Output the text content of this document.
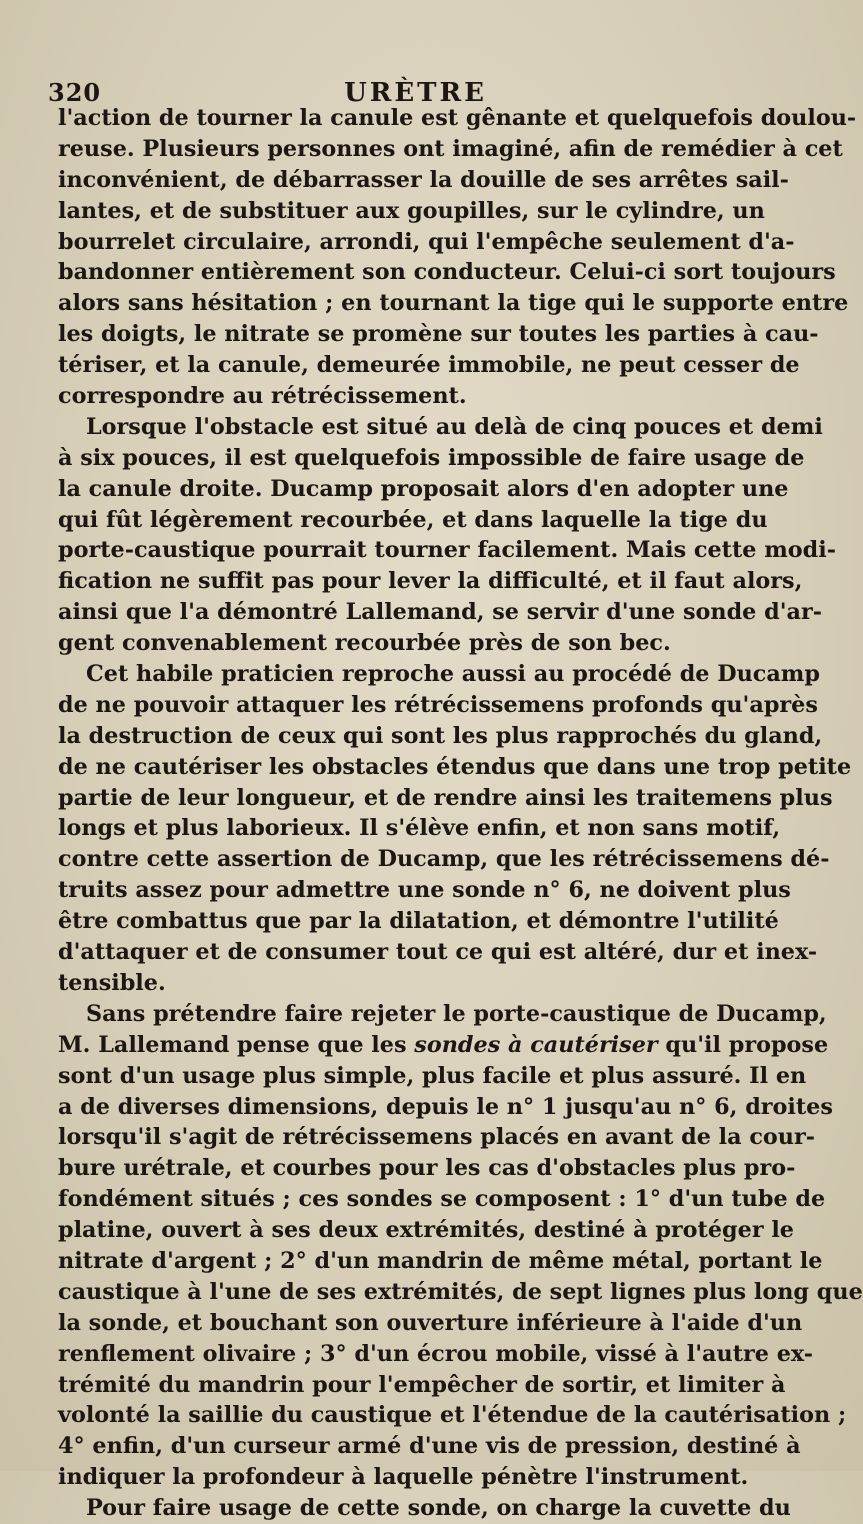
320	URÈTRE
l'action de tourner la canule est gênante et quelquefois doulou-
reuse. Plusieurs personnes ont imaginé, afin de remédier à cet
inconvénient, de débarrasser la douille de ses arrêtes sail-
lantes, et de substituer aux goupilles, sur le cylindre, un
bourrelet circulaire, arrondi, qui l'empêche seulement d'a-
bandonner entièrement son conducteur. Celui-ci sort toujours
alors sans hésitation ; en tournant la tige qui le supporte entre
les doigts, le nitrate se promène sur toutes les parties à cau-
tériser, et la canule, demeurée immobile, ne peut cesser de
correspondre au rétrécissement.
Lorsque l'obstacle est situé au delà de cinq pouces et demi
à six pouces, il est quelquefois impossible de faire usage de
la canule droite. Ducamp proposait alors d'en adopter une
qui fût légèrement recourbée, et dans laquelle la tige du
porte-caustique pourrait tourner facilement. Mais cette modi-
fication ne suffit pas pour lever la difficulté, et il faut alors,
ainsi que l'a démontré Lallemand, se servir d'une sonde d'ar-
gent convenablement recourbée près de son bec.
Cet habile praticien reproche aussi au procédé de Ducamp
de ne pouvoir attaquer les rétrécissemens profonds qu'après
la destruction de ceux qui sont les plus rapprochés du gland,
de ne cautériser les obstacles étendus que dans une trop petite
partie de leur longueur, et de rendre ainsi les traitemens plus
longs et plus laborieux. Il s'élève enfin, et non sans motif,
contre cette assertion de Ducamp, que les rétrécissemens dé-
truits assez pour admettre une sonde n° 6, ne doivent plus
être combattus que par la dilatation, et démontre l'utilité
d'attaquer et de consumer tout ce qui est altéré, dur et inex-
tensible.
Sans prétendre faire rejeter le porte-caustique de Ducamp,
M. Lallemand pense que les sondes à cautériser qu'il propose
sont d'un usage plus simple, plus facile et plus assuré. Il en
a de diverses dimensions, depuis le n° 1 jusqu'au n° 6, droites
lorsqu'il s'agit de rétrécissemens placés en avant de la cour-
bure urétrale, et courbes pour les cas d'obstacles plus pro-
fondément situés ; ces sondes se composent : 1° d'un tube de
platine, ouvert à ses deux extrémités, destiné à protéger le
nitrate d'argent ; 2° d'un mandrin de même métal, portant le
caustique à l'une de ses extrémités, de sept lignes plus long que
la sonde, et bouchant son ouverture inférieure à l'aide d'un
renflement olivaire ; 3° d'un écrou mobile, vissé à l'autre ex-
trémité du mandrin pour l'empêcher de sortir, et limiter à
volonté la saillie du caustique et l'étendue de la cautérisation ;
4° enfin, d'un curseur armé d'une vis de pression, destiné à
indiquer la profondeur à laquelle pénètre l'instrument.
Pour faire usage de cette sonde, on charge la cuvette du
